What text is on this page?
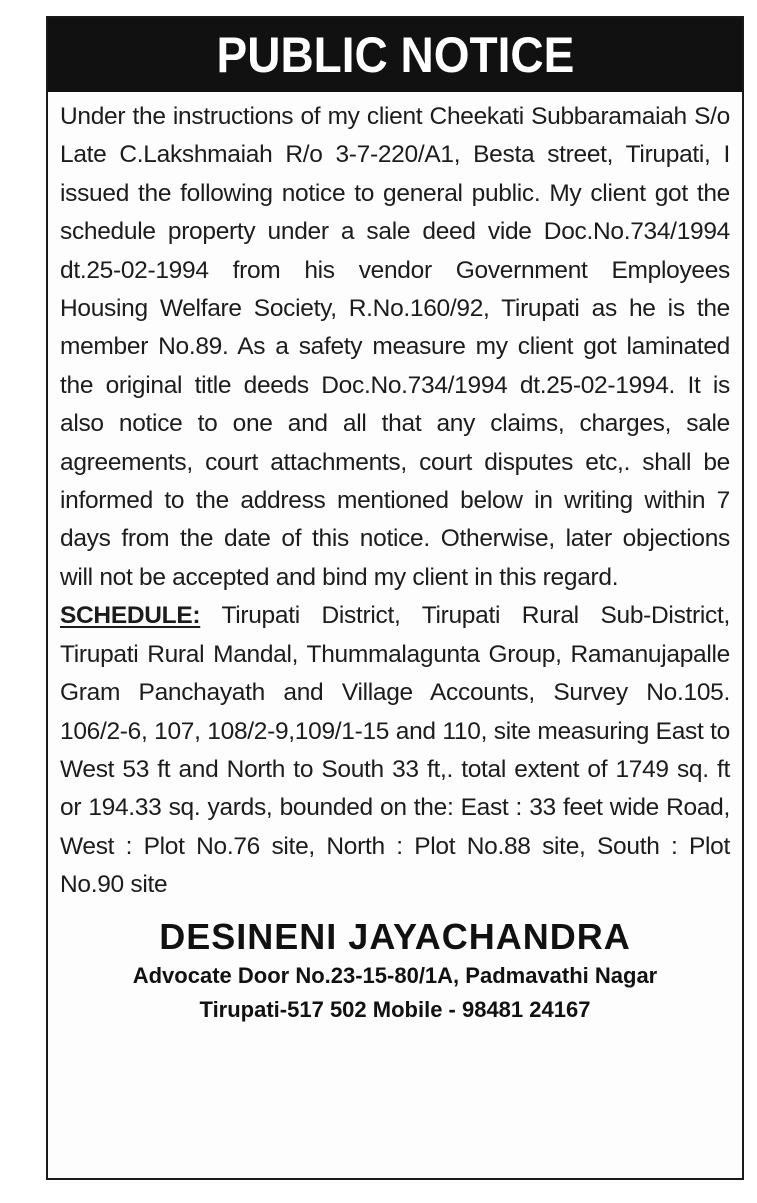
PUBLIC NOTICE

Under the instructions of my client Cheekati Subbaramaiah S/o Late C.Lakshmaiah R/o 3-7-220/A1, Besta street, Tirupati, I issued the following notice to general public. My client got the schedule property under a sale deed vide Doc.No.734/1994 dt.25-02-1994 from his vendor Government Employees Housing Welfare Society, R.No.160/92, Tirupati as he is the member No.89. As a safety measure my client got laminated the original title deeds Doc.No.734/1994 dt.25-02-1994. It is also notice to one and all that any claims, charges, sale agreements, court attachments, court disputes etc,. shall be informed to the address mentioned below in writing within 7 days from the date of this notice. Otherwise, later objections will not be accepted and bind my client in this regard.

SCHEDULE: Tirupati District, Tirupati Rural Sub-District, Tirupati Rural Mandal, Thummalagunta Group, Ramanujapalle Gram Panchayath and Village Accounts, Survey No.105. 106/2-6, 107, 108/2-9,109/1-15 and 110, site measuring East to West 53 ft and North to South 33 ft,. total extent of 1749 sq. ft or 194.33 sq. yards, bounded on the: East : 33 feet wide Road, West : Plot No.76 site, North : Plot No.88 site, South : Plot No.90 site

DESINENI JAYACHANDRA
Advocate Door No.23-15-80/1A, Padmavathi Nagar
Tirupati-517 502 Mobile - 98481 24167
